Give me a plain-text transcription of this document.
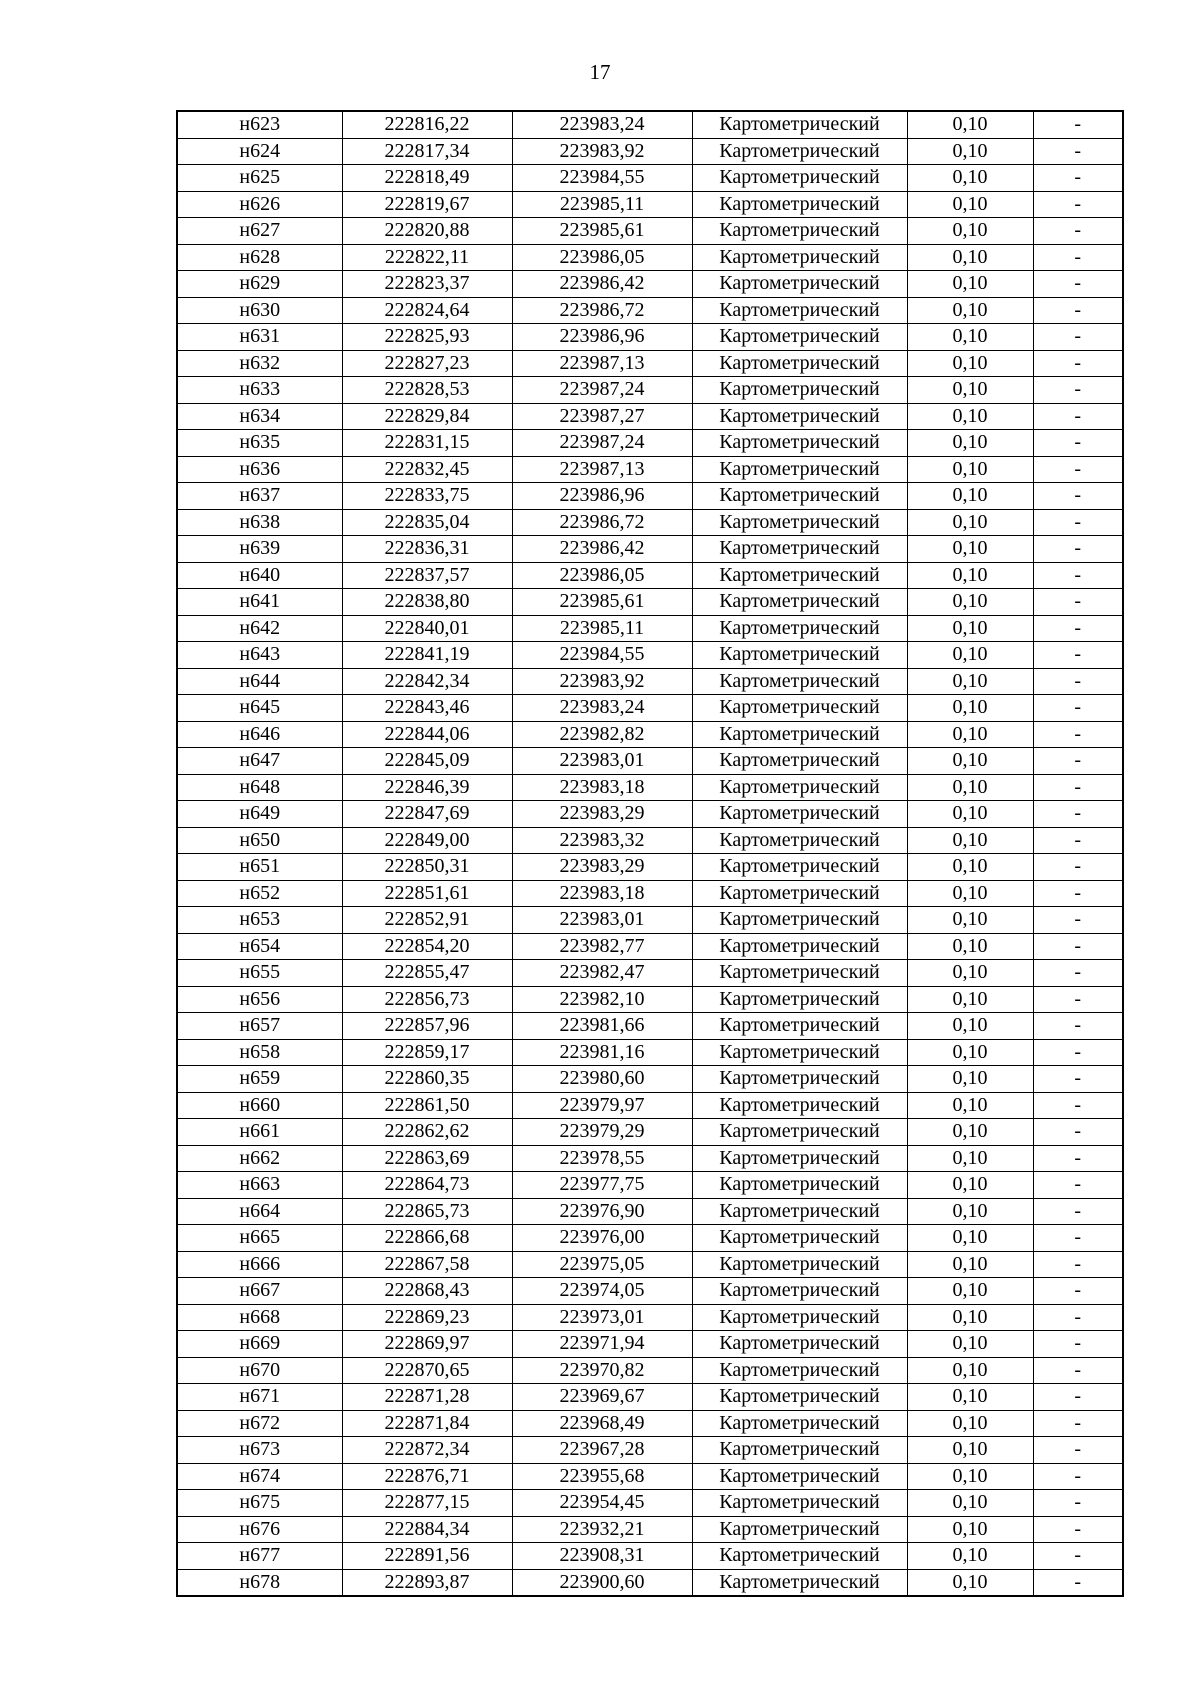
17
н623	222816,22	223983,24	Картометрический	0,10	-
н624	222817,34	223983,92	Картометрический	0,10	-
н625	222818,49	223984,55	Картометрический	0,10	-
н626	222819,67	223985,11	Картометрический	0,10	-
н627	222820,88	223985,61	Картометрический	0,10	-
н628	222822,11	223986,05	Картометрический	0,10	-
н629	222823,37	223986,42	Картометрический	0,10	-
н630	222824,64	223986,72	Картометрический	0,10	-
н631	222825,93	223986,96	Картометрический	0,10	-
н632	222827,23	223987,13	Картометрический	0,10	-
н633	222828,53	223987,24	Картометрический	0,10	-
н634	222829,84	223987,27	Картометрический	0,10	-
н635	222831,15	223987,24	Картометрический	0,10	-
н636	222832,45	223987,13	Картометрический	0,10	-
н637	222833,75	223986,96	Картометрический	0,10	-
н638	222835,04	223986,72	Картометрический	0,10	-
н639	222836,31	223986,42	Картометрический	0,10	-
н640	222837,57	223986,05	Картометрический	0,10	-
н641	222838,80	223985,61	Картометрический	0,10	-
н642	222840,01	223985,11	Картометрический	0,10	-
н643	222841,19	223984,55	Картометрический	0,10	-
н644	222842,34	223983,92	Картометрический	0,10	-
н645	222843,46	223983,24	Картометрический	0,10	-
н646	222844,06	223982,82	Картометрический	0,10	-
н647	222845,09	223983,01	Картометрический	0,10	-
н648	222846,39	223983,18	Картометрический	0,10	-
н649	222847,69	223983,29	Картометрический	0,10	-
н650	222849,00	223983,32	Картометрический	0,10	-
н651	222850,31	223983,29	Картометрический	0,10	-
н652	222851,61	223983,18	Картометрический	0,10	-
н653	222852,91	223983,01	Картометрический	0,10	-
н654	222854,20	223982,77	Картометрический	0,10	-
н655	222855,47	223982,47	Картометрический	0,10	-
н656	222856,73	223982,10	Картометрический	0,10	-
н657	222857,96	223981,66	Картометрический	0,10	-
н658	222859,17	223981,16	Картометрический	0,10	-
н659	222860,35	223980,60	Картометрический	0,10	-
н660	222861,50	223979,97	Картометрический	0,10	-
н661	222862,62	223979,29	Картометрический	0,10	-
н662	222863,69	223978,55	Картометрический	0,10	-
н663	222864,73	223977,75	Картометрический	0,10	-
н664	222865,73	223976,90	Картометрический	0,10	-
н665	222866,68	223976,00	Картометрический	0,10	-
н666	222867,58	223975,05	Картометрический	0,10	-
н667	222868,43	223974,05	Картометрический	0,10	-
н668	222869,23	223973,01	Картометрический	0,10	-
н669	222869,97	223971,94	Картометрический	0,10	-
н670	222870,65	223970,82	Картометрический	0,10	-
н671	222871,28	223969,67	Картометрический	0,10	-
н672	222871,84	223968,49	Картометрический	0,10	-
н673	222872,34	223967,28	Картометрический	0,10	-
н674	222876,71	223955,68	Картометрический	0,10	-
н675	222877,15	223954,45	Картометрический	0,10	-
н676	222884,34	223932,21	Картометрический	0,10	-
н677	222891,56	223908,31	Картометрический	0,10	-
н678	222893,87	223900,60	Картометрический	0,10	-
